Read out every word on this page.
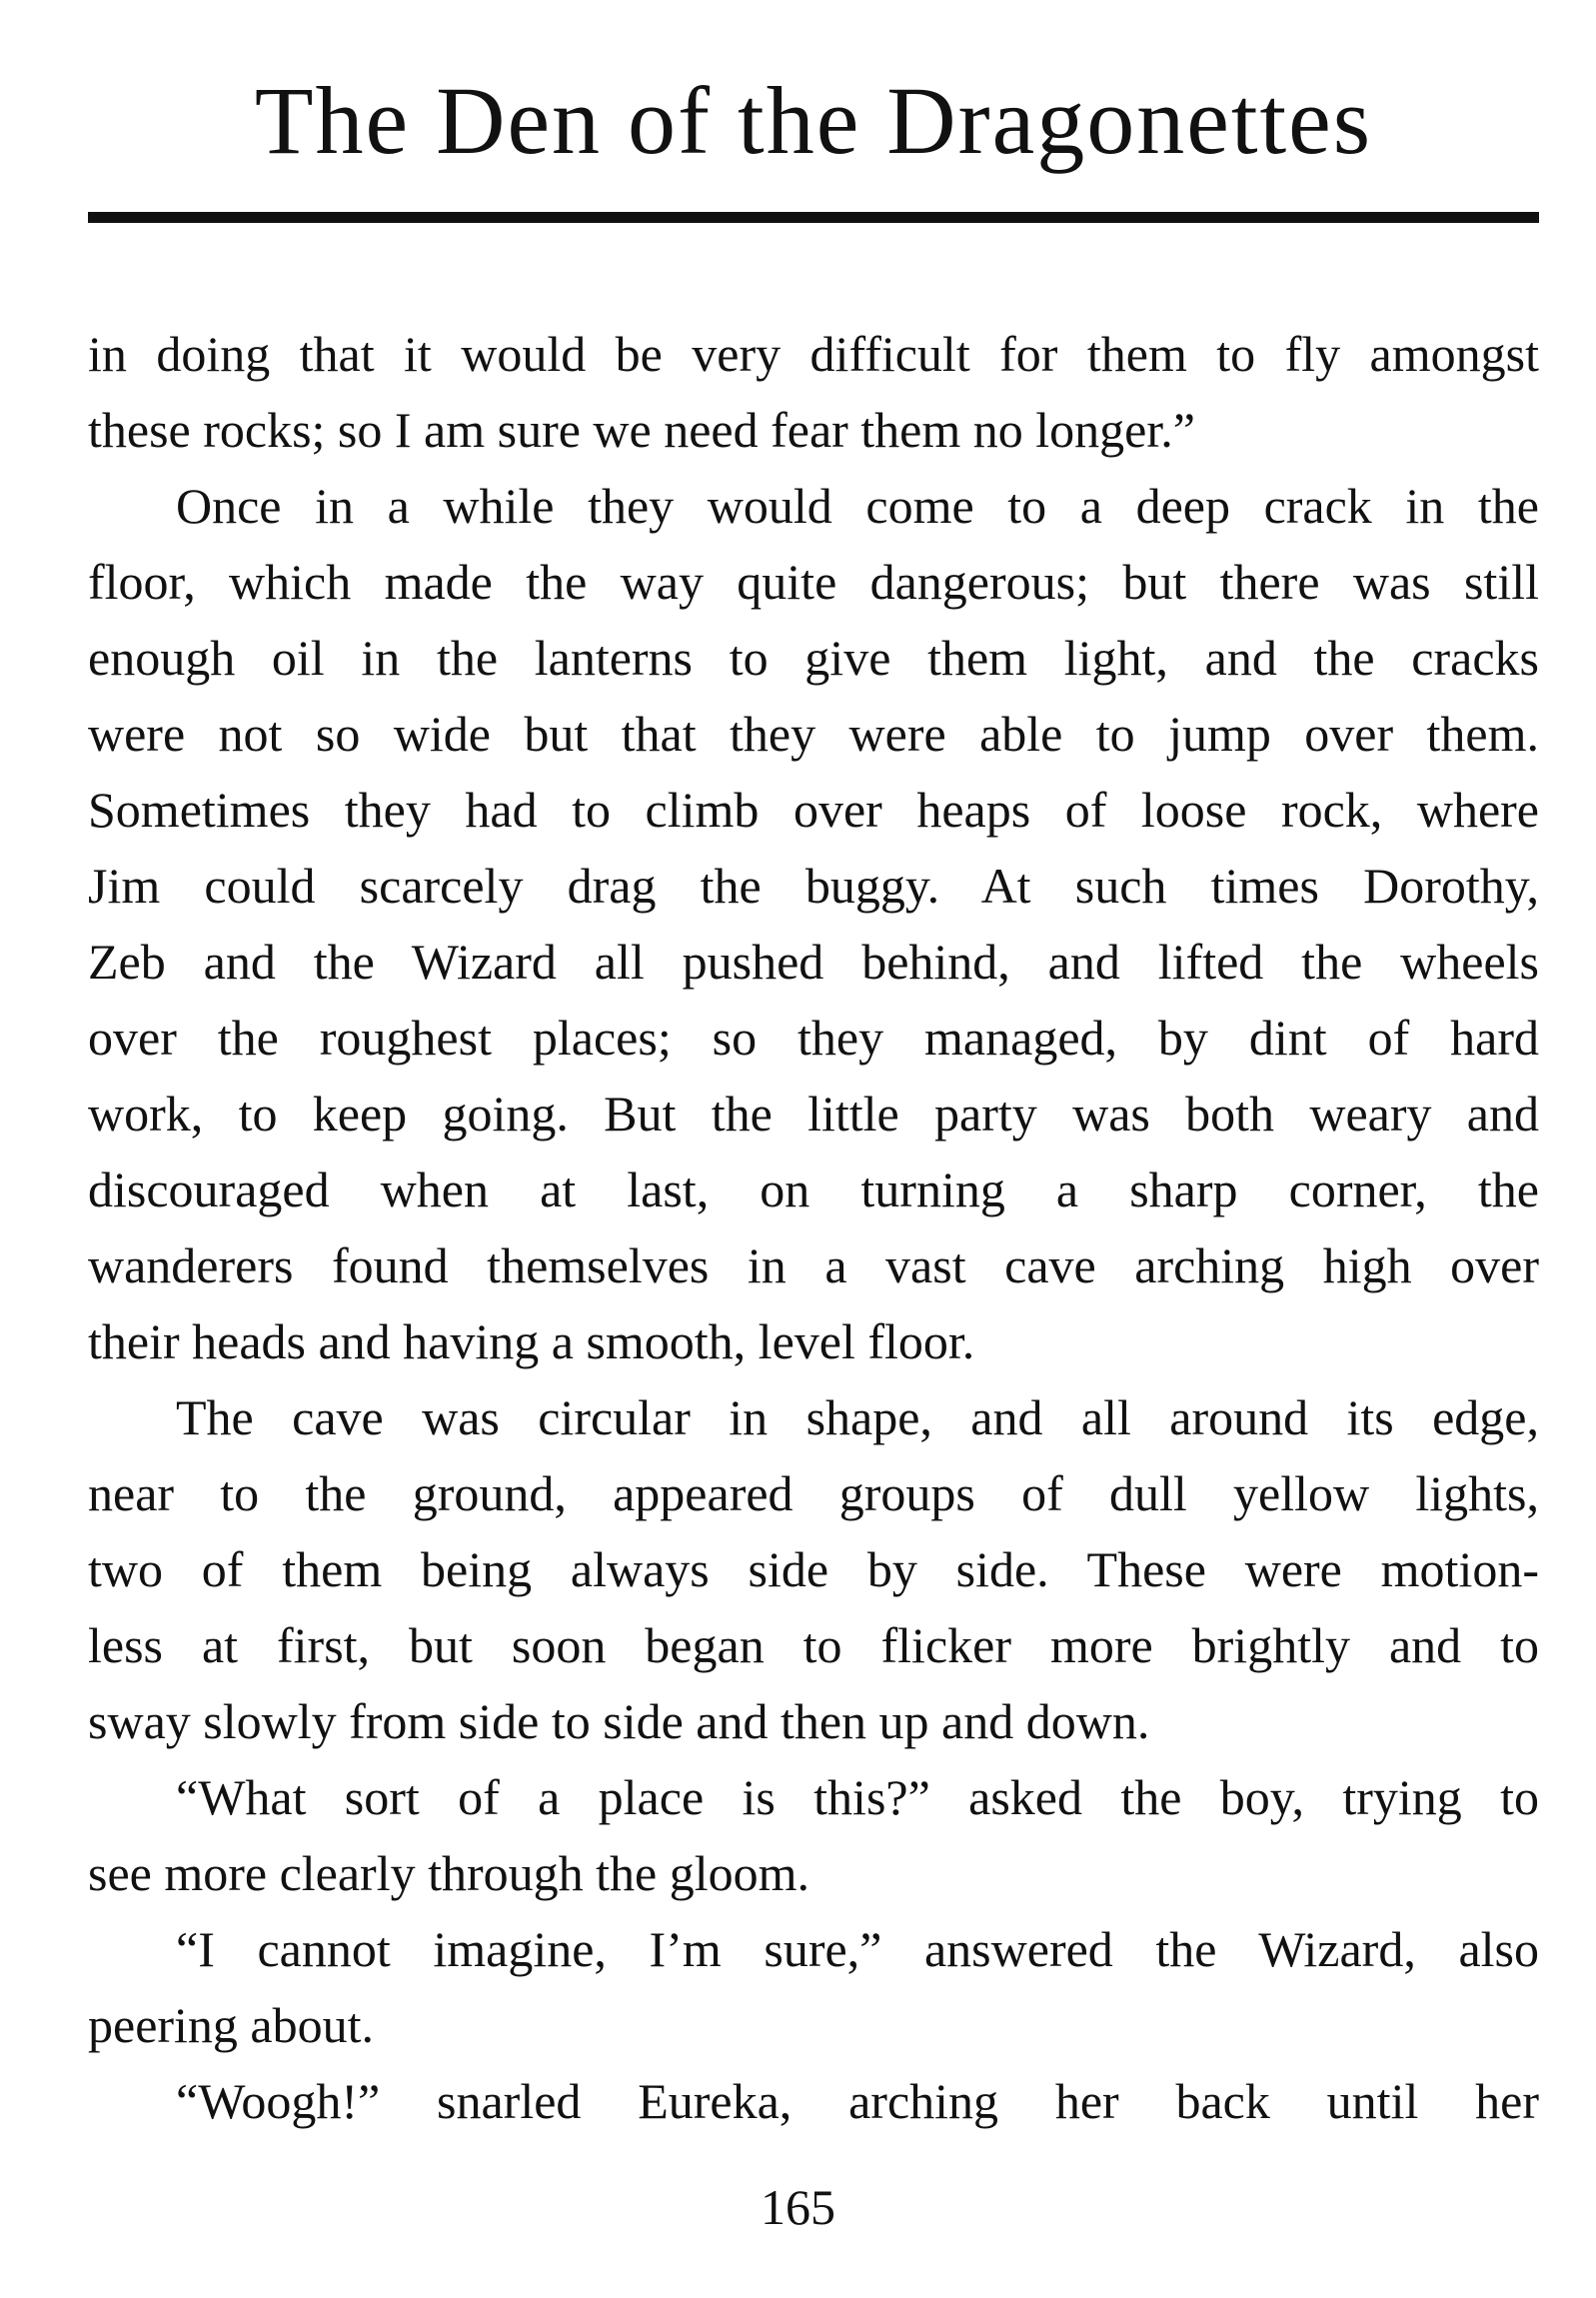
The Den of the Dragonettes
in doing that it would be very difficult for them to fly amongst
these rocks; so I am sure we need fear them no longer.”
Once in a while they would come to a deep crack in the
floor, which made the way quite dangerous; but there was still
enough oil in the lanterns to give them light, and the cracks
were not so wide but that they were able to jump over them.
Sometimes they had to climb over heaps of loose rock, where
Jim could scarcely drag the buggy. At such times Dorothy,
Zeb and the Wizard all pushed behind, and lifted the wheels
over the roughest places; so they managed, by dint of hard
work, to keep going. But the little party was both weary and
discouraged when at last, on turning a sharp corner, the
wanderers found themselves in a vast cave arching high over
their heads and having a smooth, level floor.
The cave was circular in shape, and all around its edge,
near to the ground, appeared groups of dull yellow lights,
two of them being always side by side. These were motion-
less at first, but soon began to flicker more brightly and to
sway slowly from side to side and then up and down.
“What sort of a place is this?” asked the boy, trying to
see more clearly through the gloom.
“I cannot imagine, I’m sure,” answered the Wizard, also
peering about.
“Woogh!” snarled Eureka, arching her back until her
165
